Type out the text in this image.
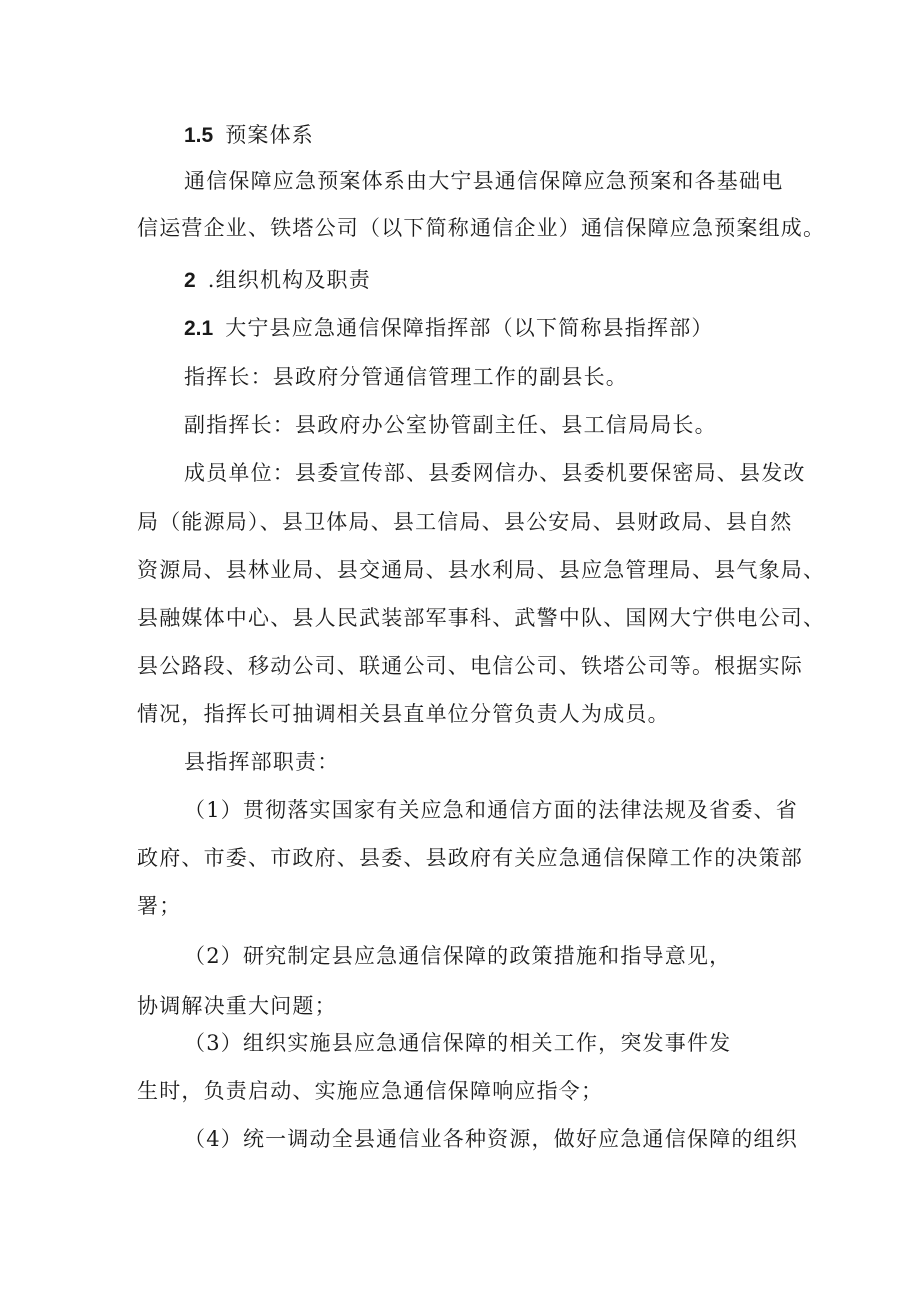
1.5 预案体系
通信保障应急预案体系由大宁县通信保障应急预案和各基础电
信运营企业、铁塔公司（以下简称通信企业）通信保障应急预案组成。
2 .组织机构及职责
2.1 大宁县应急通信保障指挥部（以下简称县指挥部）
指挥长：县政府分管通信管理工作的副县长。
副指挥长：县政府办公室协管副主任、县工信局局长。
成员单位：县委宣传部、县委网信办、县委机要保密局、县发改
局（能源局）、县卫体局、县工信局、县公安局、县财政局、县自然
资源局、县林业局、县交通局、县水利局、县应急管理局、县气象局、
县融媒体中心、县人民武装部军事科、武警中队、国网大宁供电公司、
县公路段、移动公司、联通公司、电信公司、铁塔公司等。根据实际
情况，指挥长可抽调相关县直单位分管负责人为成员。
县指挥部职责：
（1）贯彻落实国家有关应急和通信方面的法律法规及省委、省
政府、市委、市政府、县委、县政府有关应急通信保障工作的决策部
署；
（2）研究制定县应急通信保障的政策措施和指导意见，
协调解决重大问题；
（3）组织实施县应急通信保障的相关工作，突发事件发
生时，负责启动、实施应急通信保障响应指令；
（4）统一调动全县通信业各种资源，做好应急通信保障的组织
